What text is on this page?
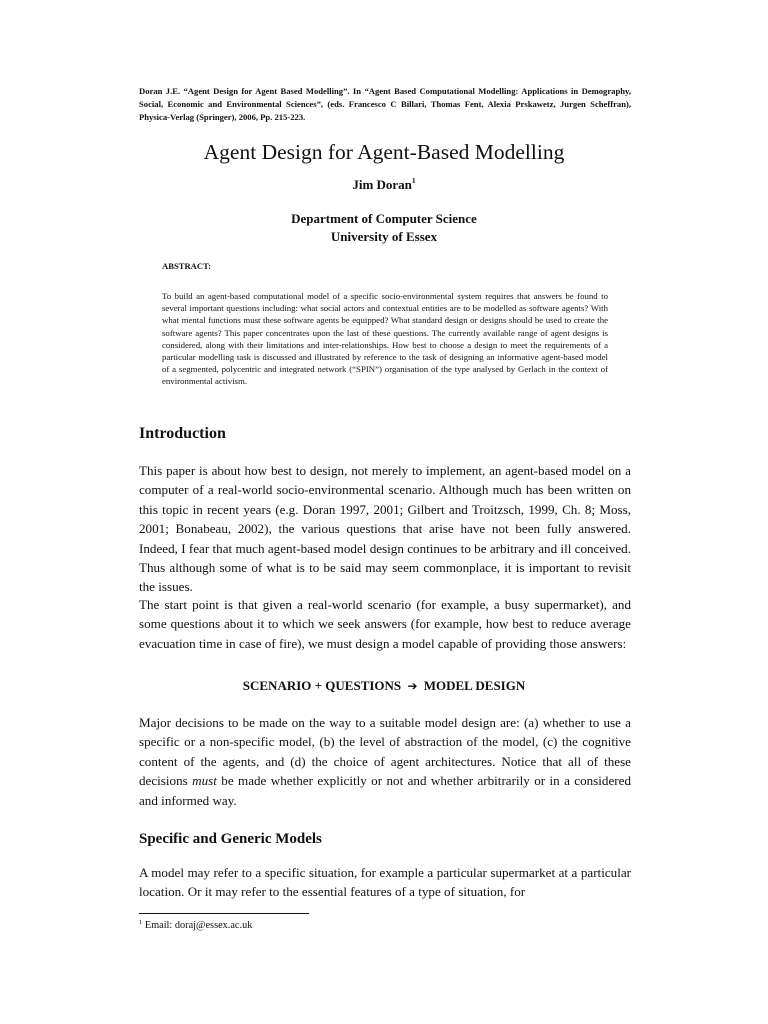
Doran J.E. “Agent Design for Agent Based Modelling”. In “Agent Based Computational Modelling: Applications in Demography, Social, Economic and Environmental Sciences”, (eds. Francesco C Billari, Thomas Fent, Alexia Prskawetz, Jurgen Scheffran), Physica-Verlag (Springer), 2006, Pp. 215-223.
Agent Design for Agent-Based Modelling
Jim Doran$^1$
Department of Computer Science
University of Essex
ABSTRACT:
To build an agent-based computational model of a specific socio-environmental system requires that answers be found to several important questions including: what social actors and contextual entities are to be modelled as software agents? With what mental functions must these software agents be equipped? What standard design or designs should be used to create the software agents? This paper concentrates upon the last of these questions. The currently available range of agent designs is considered, along with their limitations and inter-relationships. How best to choose a design to meet the requirements of a particular modelling task is discussed and illustrated by reference to the task of designing an informative agent-based model of a segmented, polycentric and integrated network (“SPIN”) organisation of the type analysed by Gerlach in the context of environmental activism.
Introduction

This paper is about how best to design, not merely to implement, an agent-based model on a computer of a real-world socio-environmental scenario. Although much has been written on this topic in recent years (e.g. Doran 1997, 2001; Gilbert and Troitzsch, 1999, Ch. 8; Moss, 2001; Bonabeau, 2002), the various questions that arise have not been fully answered. Indeed, I fear that much agent-based model design continues to be arbitrary and ill conceived. Thus although some of what is to be said may seem commonplace, it is important to revisit the issues.

The start point is that given a real-world scenario (for example, a busy supermarket), and some questions about it to which we seek answers (for example, how best to reduce average evacuation time in case of fire), we must design a model capable of providing those answers:

SCENARIO + QUESTIONS ➔ MODEL DESIGN

Major decisions to be made on the way to a suitable model design are: (a) whether to use a specific or a non-specific model, (b) the level of abstraction of the model, (c) the cognitive content of the agents, and (d) the choice of agent architectures. Notice that all of these decisions must be made whether explicitly or not and whether arbitrarily or in a considered and informed way.

Specific and Generic Models

A model may refer to a specific situation, for example a particular supermarket at a particular location. Or it may refer to the essential features of a type of situation, for

$^1$ Email: doraj@essex.ac.uk
